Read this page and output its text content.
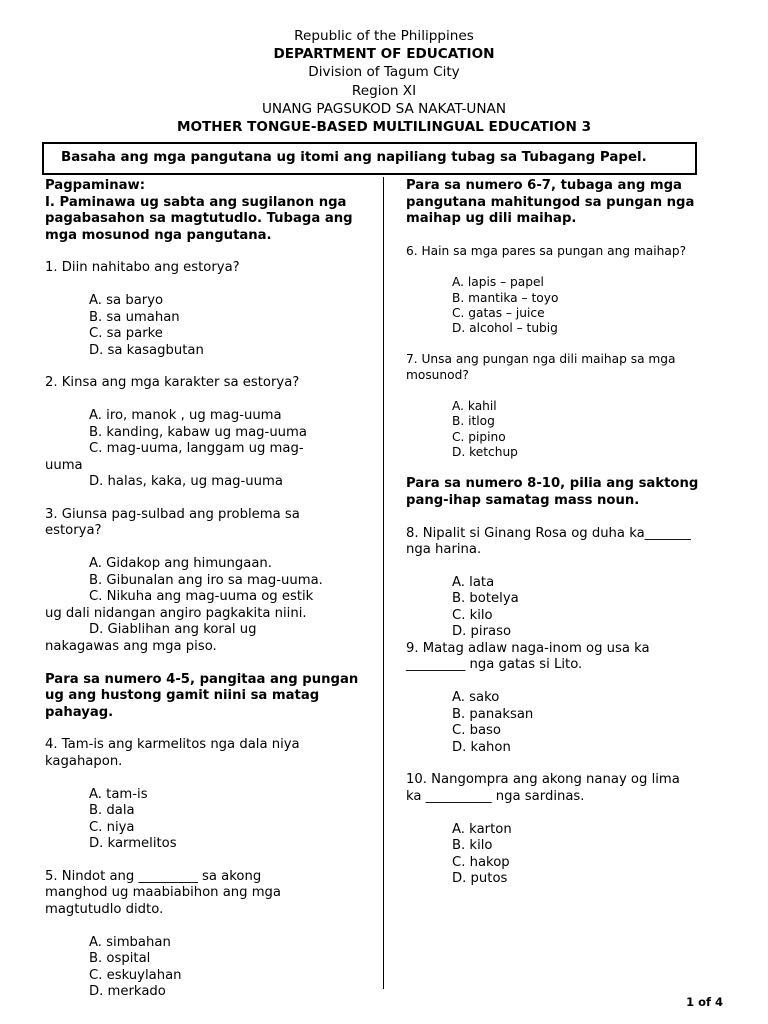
Republic of the Philippines
DEPARTMENT OF EDUCATION
Division of Tagum City
Region XI
UNANG PAGSUKOD SA NAKAT-UNAN
MOTHER TONGUE-BASED MULTILINGUAL EDUCATION 3
Basaha ang mga pangutana ug itomi ang napiliang tubag sa Tubagang Papel.
Pagpaminaw:
I. Paminawa ug sabta ang sugilanon nga
pagabasahon sa magtutudlo. Tubaga ang
mga mosunod nga pangutana.
1. Diin nahitabo ang estorya?
A. sa baryo
B. sa umahan
C. sa parke
D. sa kasagbutan
2. Kinsa ang mga karakter sa estorya?
A. iro, manok , ug mag-uuma
B. kanding, kabaw ug mag-uuma
C. mag-uuma, langgam ug mag-
uuma
D. halas, kaka, ug mag-uuma
3. Giunsa pag-sulbad ang problema sa
estorya?
A. Gidakop ang himungaan.
B. Gibunalan ang iro sa mag-uuma.
C. Nikuha ang mag-uuma og estik
ug dali nidangan angiro pagkakita niini.
D. Giablihan ang koral ug
nakagawas ang mga piso.
Para sa numero 4-5, pangitaa ang pungan
ug ang hustong gamit niini sa matag
pahayag.
4. Tam-is ang karmelitos nga dala niya
kagahapon.
A. tam-is
B. dala
C. niya
D. karmelitos
5. Nindot ang _________ sa akong
manghod ug maabiabihon ang mga
magtutudlo didto.
A. simbahan
B. ospital
C. eskuylahan
D. merkado
Para sa numero 6-7, tubaga ang mga
pangutana mahitungod sa pungan nga
maihap ug dili maihap.
6. Hain sa mga pares sa pungan ang maihap?
A. lapis – papel
B. mantika – toyo
C. gatas – juice
D. alcohol – tubig
7. Unsa ang pungan nga dili maihap sa mga
mosunod?
A. kahil
B. itlog
C. pipino
D. ketchup
Para sa numero 8-10, pilia ang saktong
pang-ihap samatag mass noun.
8. Nipalit si Ginang Rosa og duha ka_______
nga harina.
A. lata
B. botelya
C. kilo
D. piraso
9. Matag adlaw naga-inom og usa ka
_________ nga gatas si Lito.
A. sako
B. panaksan
C. baso
D. kahon
10. Nangompra ang akong nanay og lima
ka __________ nga sardinas.
A. karton
B. kilo
C. hakop
D. putos
1 of 4
